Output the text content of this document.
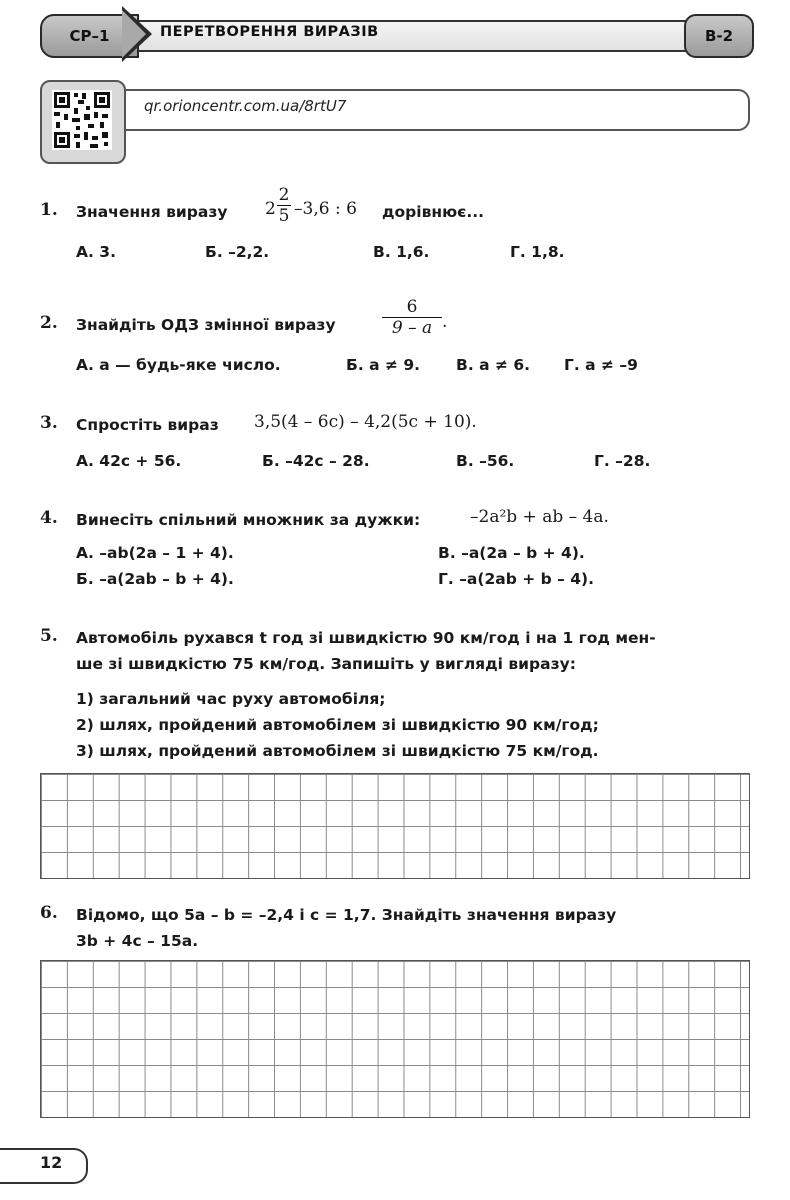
СР–1	ПЕРЕТВОРЕННЯ ВИРАЗІВ	В-2
qr.orioncentr.com.ua/8rtU7
1. Значення виразу $2 \frac{2}{5} -3,6$ : 6 дорівнює...
А. 3.	Б. –2,2.	В. 1,6.	Г. 1,8.
2. Знайдіть ОДЗ змінної виразу	$\frac{6}{9 - a}$ .
А. a — будь-яке число.	Б. a ≠ 9. В. a ≠ 6. Г. a ≠ –9
3. Спростіть вираз 3,5(4 – 6c) – 4,2(5c + 10).
А. 42c + 56.	Б. –42c – 28.	В. –56.	Г. –28.
4. Винесіть спільний множник за дужки:	–2a²b + ab – 4a.
А. –ab(2a – 1 + 4).	В. –a(2a – b + 4).
Б. –a(2ab – b + 4).	Г. –a(2ab + b – 4).
5. Автомобіль рухався t год зі швидкістю 90 км/год і на 1 год мен-
ше зі швидкістю 75 км/год. Запишіть у вигляді виразу:
1) загальний час руху автомобіля;
2) шлях, пройдений автомобілем зі швидкістю 90 км/год;
3) шлях, пройдений автомобілем зі швидкістю 75 км/год.
6. Відомо, що 5a – b = –2,4 і c = 1,7. Знайдіть значення виразу
3b + 4c – 15a.
12
